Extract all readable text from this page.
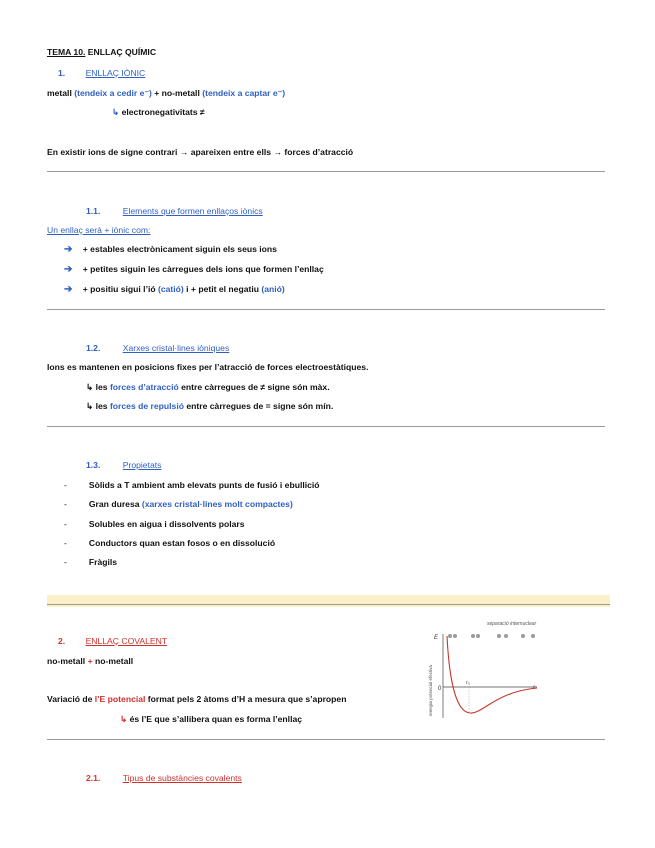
TEMA 10. ENLLAÇ QUÍMIC
1. ENLLAÇ IÒNIC
metall (tendeix a cedir e⁻) + no-metall (tendeix a captar e⁻)
↳ electronegativitats ≠
En existir ions de signe contrari → apareixen entre ells → forces d’atracció
1.1.	Elements que formen enllaços iònics
Un enllaç serà + iònic com:
➔ + estables electrònicament siguin els seus ions
➔ + petites siguin les càrregues dels ions que formen l’enllaç
➔ + positiu sigui l’ió (catió) i + petit el negatiu (anió)
1.2.	Xarxes cristal·lines iòniques
Ions es mantenen en posicions fixes per l’atracció de forces electroestàtiques.
↳ les forces d’atracció entre càrregues de ≠ signe són màx.
↳ les forces de repulsió entre càrregues de = signe són mín.
1.3.	Propietats
-	Sòlids a T ambient amb elevats punts de fusió i ebullició
-	Gran duresa (xarxes cristal·lines molt compactes)
-	Solubles en aigua i dissolvents polars
-	Conductors quan estan fosos o en dissolució
-	Fràgils
2. ENLLAÇ COVALENT
no-metall + no-metall
Variació de l’E potencial format pels 2 àtoms d’H a mesura que s’apropen
↳ és l’E que s’allibera quan es forma l’enllaç
2.1.	Tipus de substàncies covalents
separació internuclear
E
0	r
r₀
energia potencial efectiva
